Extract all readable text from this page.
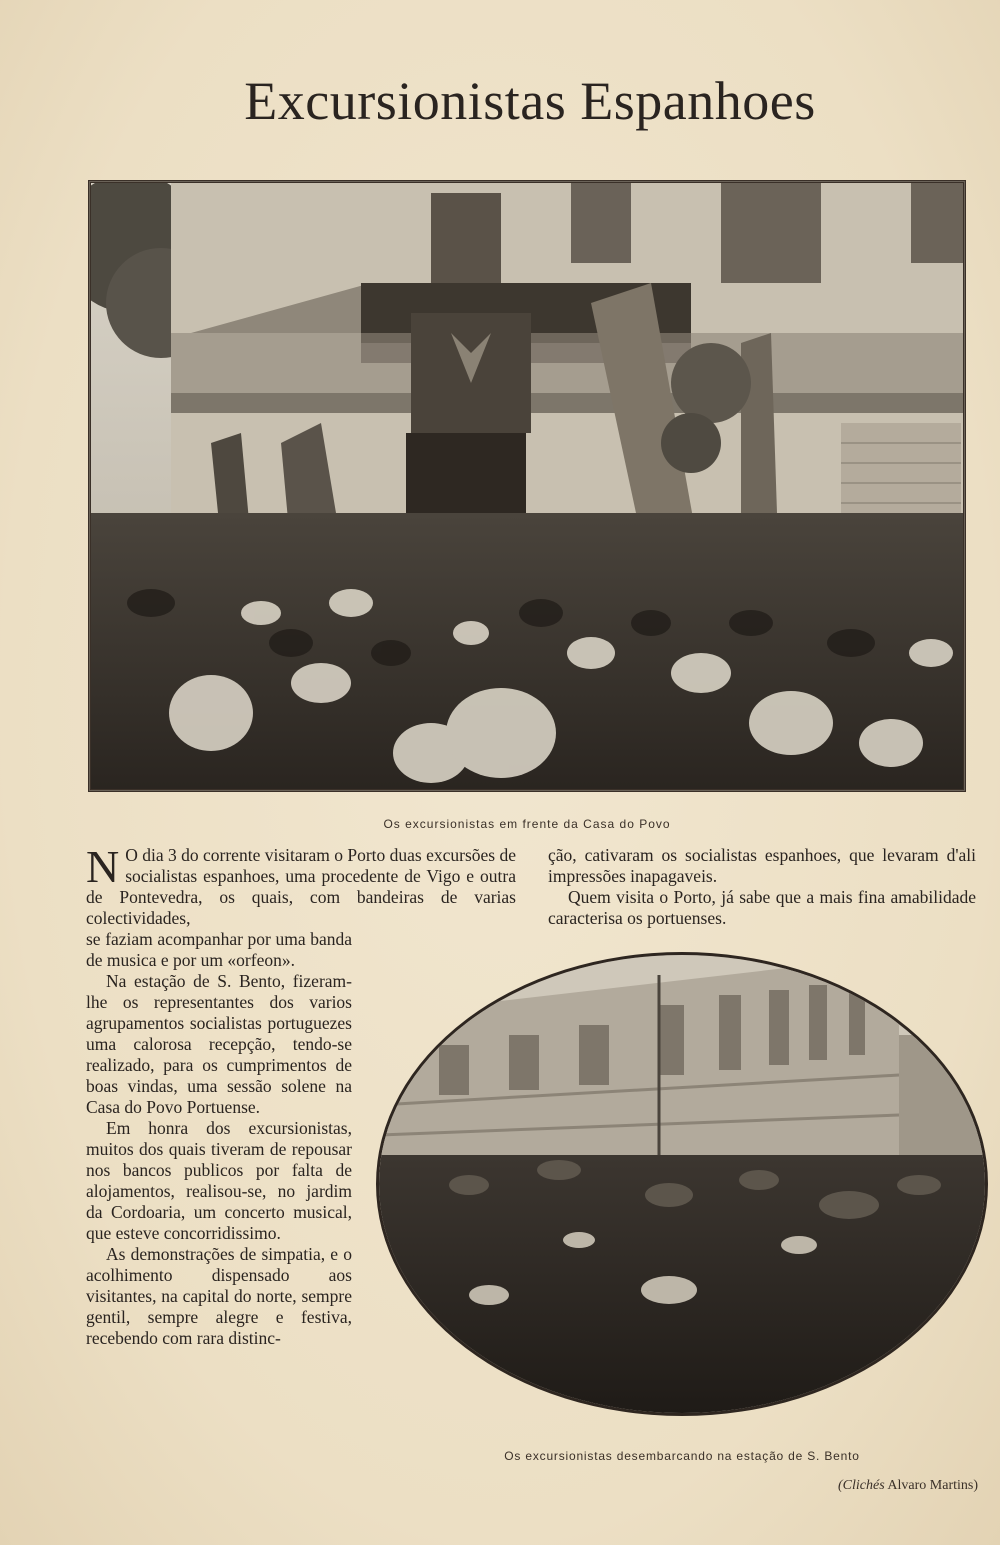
Excursionistas Espanhoes
Os excursionistas em frente da Casa do Povo
N O dia 3 do corrente visitaram o Porto duas excursões de socialistas espanhoes, uma procedente de Vigo e outra de Pontevedra, os quais, com bandeiras de varias colectividades,

se faziam acompanhar por uma banda de musica e por um «orfeon».

Na estação de S. Bento, fizeram-lhe os representantes dos varios agrupamentos socialistas portuguezes uma calorosa recepção, tendo-se realizado, para os cumprimentos de boas vindas, uma sessão solene na Casa do Povo Portuense.

Em honra dos excursionistas, muitos dos quais tiveram de repousar nos bancos publicos por falta de alojamentos, realisou-se, no jardim da Cordoaria, um concerto musical, que esteve concorridissimo.

As demonstrações de simpatia, e o acolhimento dispensado aos visitantes, na capital do norte, sempre gentil, sempre alegre e festiva, recebendo com rara distinc-

ção, cativaram os socialistas espanhoes, que levaram d'ali impressões inapagaveis.

Quem visita o Porto, já sabe que a mais fina amabilidade caracterisa os portuenses.

Os excursionistas desembarcando na estação de S. Bento
(Clichés Alvaro Martins)
